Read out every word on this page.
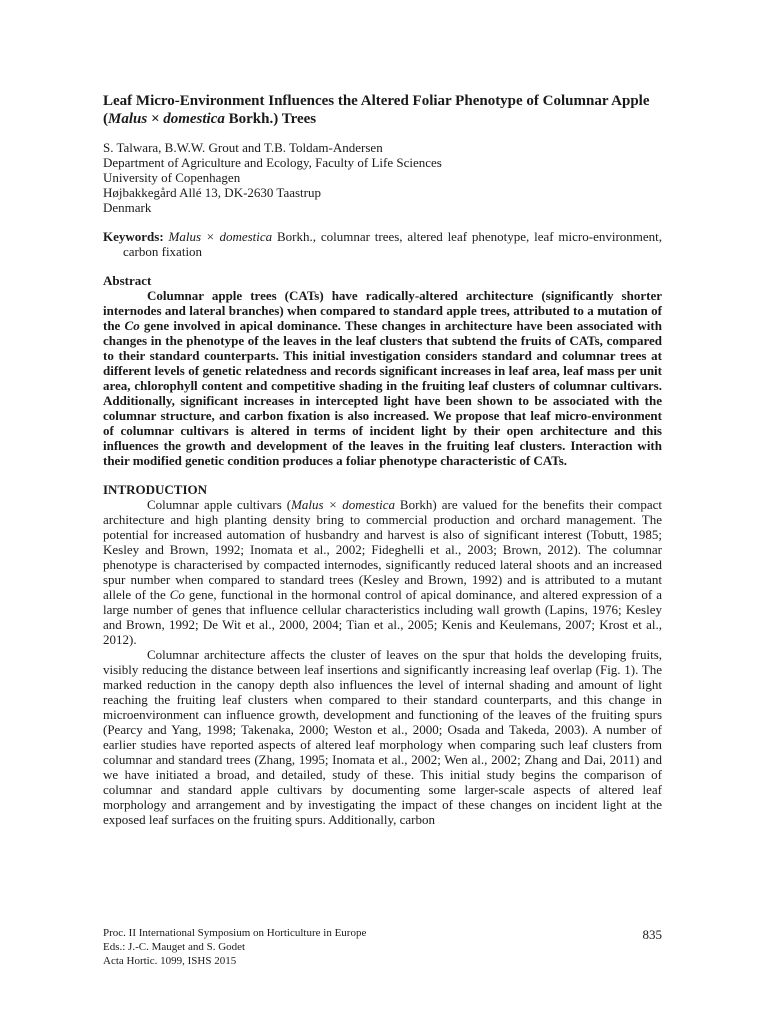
Leaf Micro-Environment Influences the Altered Foliar Phenotype of Columnar Apple (Malus × domestica Borkh.) Trees
S. Talwara, B.W.W. Grout and T.B. Toldam-Andersen
Department of Agriculture and Ecology, Faculty of Life Sciences
University of Copenhagen
Højbakkegård Allé 13, DK-2630 Taastrup
Denmark
Keywords: Malus × domestica Borkh., columnar trees, altered leaf phenotype, leaf micro-environment, carbon fixation
Abstract

Columnar apple trees (CATs) have radically-altered architecture (significantly shorter internodes and lateral branches) when compared to standard apple trees, attributed to a mutation of the Co gene involved in apical dominance. These changes in architecture have been associated with changes in the phenotype of the leaves in the leaf clusters that subtend the fruits of CATs, compared to their standard counterparts. This initial investigation considers standard and columnar trees at different levels of genetic relatedness and records significant increases in leaf area, leaf mass per unit area, chlorophyll content and competitive shading in the fruiting leaf clusters of columnar cultivars. Additionally, significant increases in intercepted light have been shown to be associated with the columnar structure, and carbon fixation is also increased. We propose that leaf micro-environment of columnar cultivars is altered in terms of incident light by their open architecture and this influences the growth and development of the leaves in the fruiting leaf clusters. Interaction with their modified genetic condition produces a foliar phenotype characteristic of CATs.

INTRODUCTION

Columnar apple cultivars (Malus × domestica Borkh) are valued for the benefits their compact architecture and high planting density bring to commercial production and orchard management. The potential for increased automation of husbandry and harvest is also of significant interest (Tobutt, 1985; Kesley and Brown, 1992; Inomata et al., 2002; Fideghelli et al., 2003; Brown, 2012). The columnar phenotype is characterised by compacted internodes, significantly reduced lateral shoots and an increased spur number when compared to standard trees (Kesley and Brown, 1992) and is attributed to a mutant allele of the Co gene, functional in the hormonal control of apical dominance, and altered expression of a large number of genes that influence cellular characteristics including wall growth (Lapins, 1976; Kesley and Brown, 1992; De Wit et al., 2000, 2004; Tian et al., 2005; Kenis and Keulemans, 2007; Krost et al., 2012).

Columnar architecture affects the cluster of leaves on the spur that holds the developing fruits, visibly reducing the distance between leaf insertions and significantly increasing leaf overlap (Fig. 1). The marked reduction in the canopy depth also influences the level of internal shading and amount of light reaching the fruiting leaf clusters when compared to their standard counterparts, and this change in microenvironment can influence growth, development and functioning of the leaves of the fruiting spurs (Pearcy and Yang, 1998; Takenaka, 2000; Weston et al., 2000; Osada and Takeda, 2003). A number of earlier studies have reported aspects of altered leaf morphology when comparing such leaf clusters from columnar and standard trees (Zhang, 1995; Inomata et al., 2002; Wen al., 2002; Zhang and Dai, 2011) and we have initiated a broad, and detailed, study of these. This initial study begins the comparison of columnar and standard apple cultivars by documenting some larger-scale aspects of altered leaf morphology and arrangement and by investigating the impact of these changes on incident light at the exposed leaf surfaces on the fruiting spurs. Additionally, carbon

Proc. II International Symposium on Horticulture in Europe
Eds.: J.-C. Mauget and S. Godet
Acta Hortic. 1099, ISHS 2015
835
